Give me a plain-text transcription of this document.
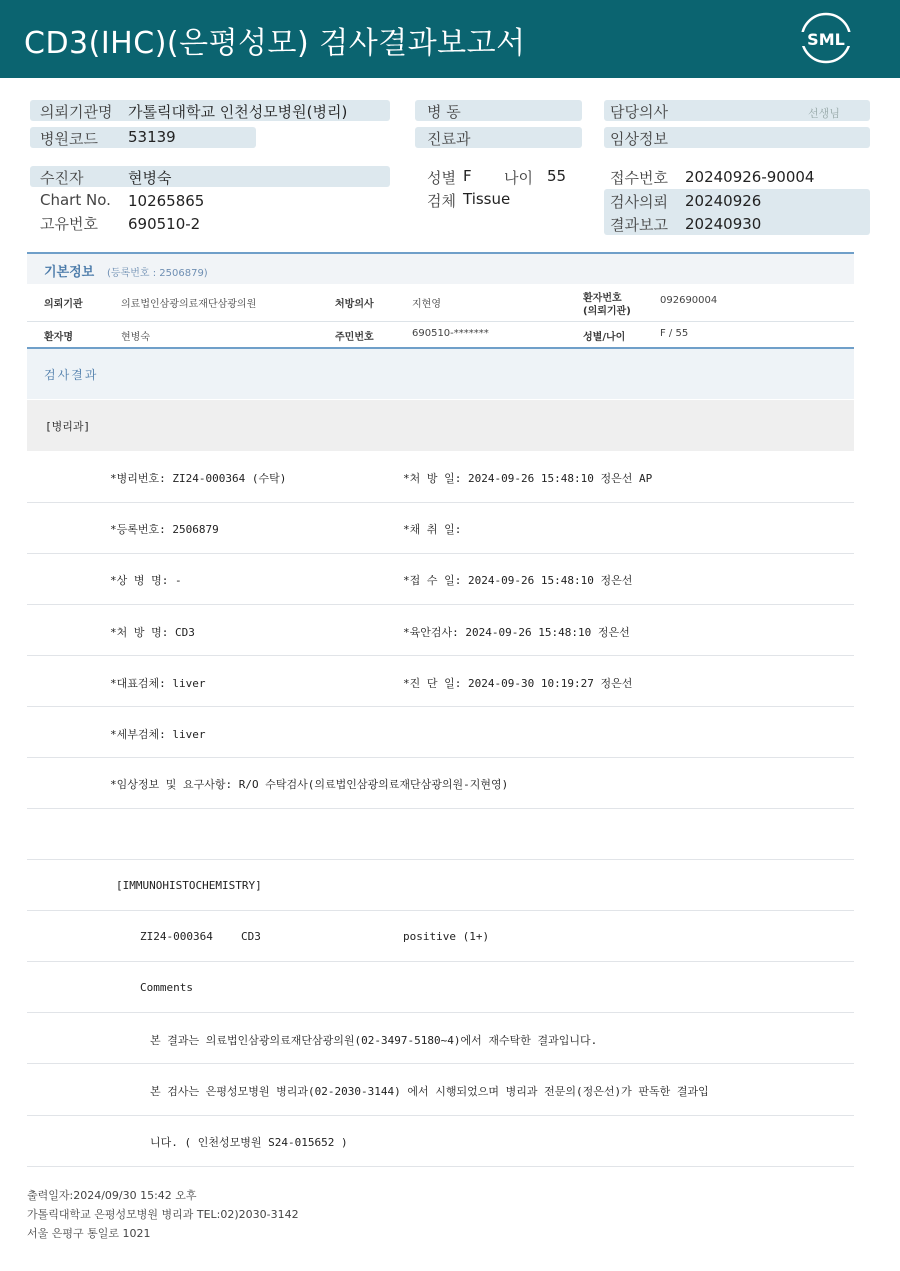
CD3(IHC)(은평성모) 검사결과보고서	SML
의뢰기관명 가톨릭대학교 인천성모병원(병리)
병원코드 53139
병 동
진료과
담당의사	선생님
임상정보
수진자	현병숙
Chart No. 10265865
고유번호 690510-2
성별 F 나이 55
검체 Tissue
접수번호 20240926-90004
검사의뢰 20240926
결과보고 20240930
기본정보 (등록번호 : 2506879)
의뢰기관	의료법인삼광의료재단삼광의원	처방의사	지현영
환자번호
(의뢰기관)
092690004
환자명	현병숙	주민번호	690510-*******	성별/나이	F / 55
검사결과
[병리과]
*병리번호: ZI24-000364 (수탁)	*처 방 일: 2024-09-26 15:48:10 정은선 AP
*등록번호: 2506879	*채 취 일:
*상 병 명: -	*접 수 일: 2024-09-26 15:48:10 정은선
*처 방 명: CD3	*육안검사: 2024-09-26 15:48:10 정은선
*대표검체: liver	*진 단 일: 2024-09-30 10:19:27 정은선
*세부검체: liver
*임상정보 및 요구사항: R/O 수탁검사(의료법인삼광의료재단삼광의원-지현영)
[IMMUNOHISTOCHEMISTRY]
ZI24-000364	CD3	positive (1+)
Comments
본 결과는 의료법인삼광의료재단삼광의원(02-3497-5180~4)에서 재수탁한 결과입니다.
본 검사는 은평성모병원 병리과(02-2030-3144) 에서 시행되었으며 병리과 전문의(정은선)가 판독한 결과입
니다. ( 인천성모병원 S24-015652 )
출력일자:2024/09/30 15:42 오후
가톨릭대학교 은평성모병원 병리과 TEL:02)2030-3142
서울 은평구 통일로 1021
